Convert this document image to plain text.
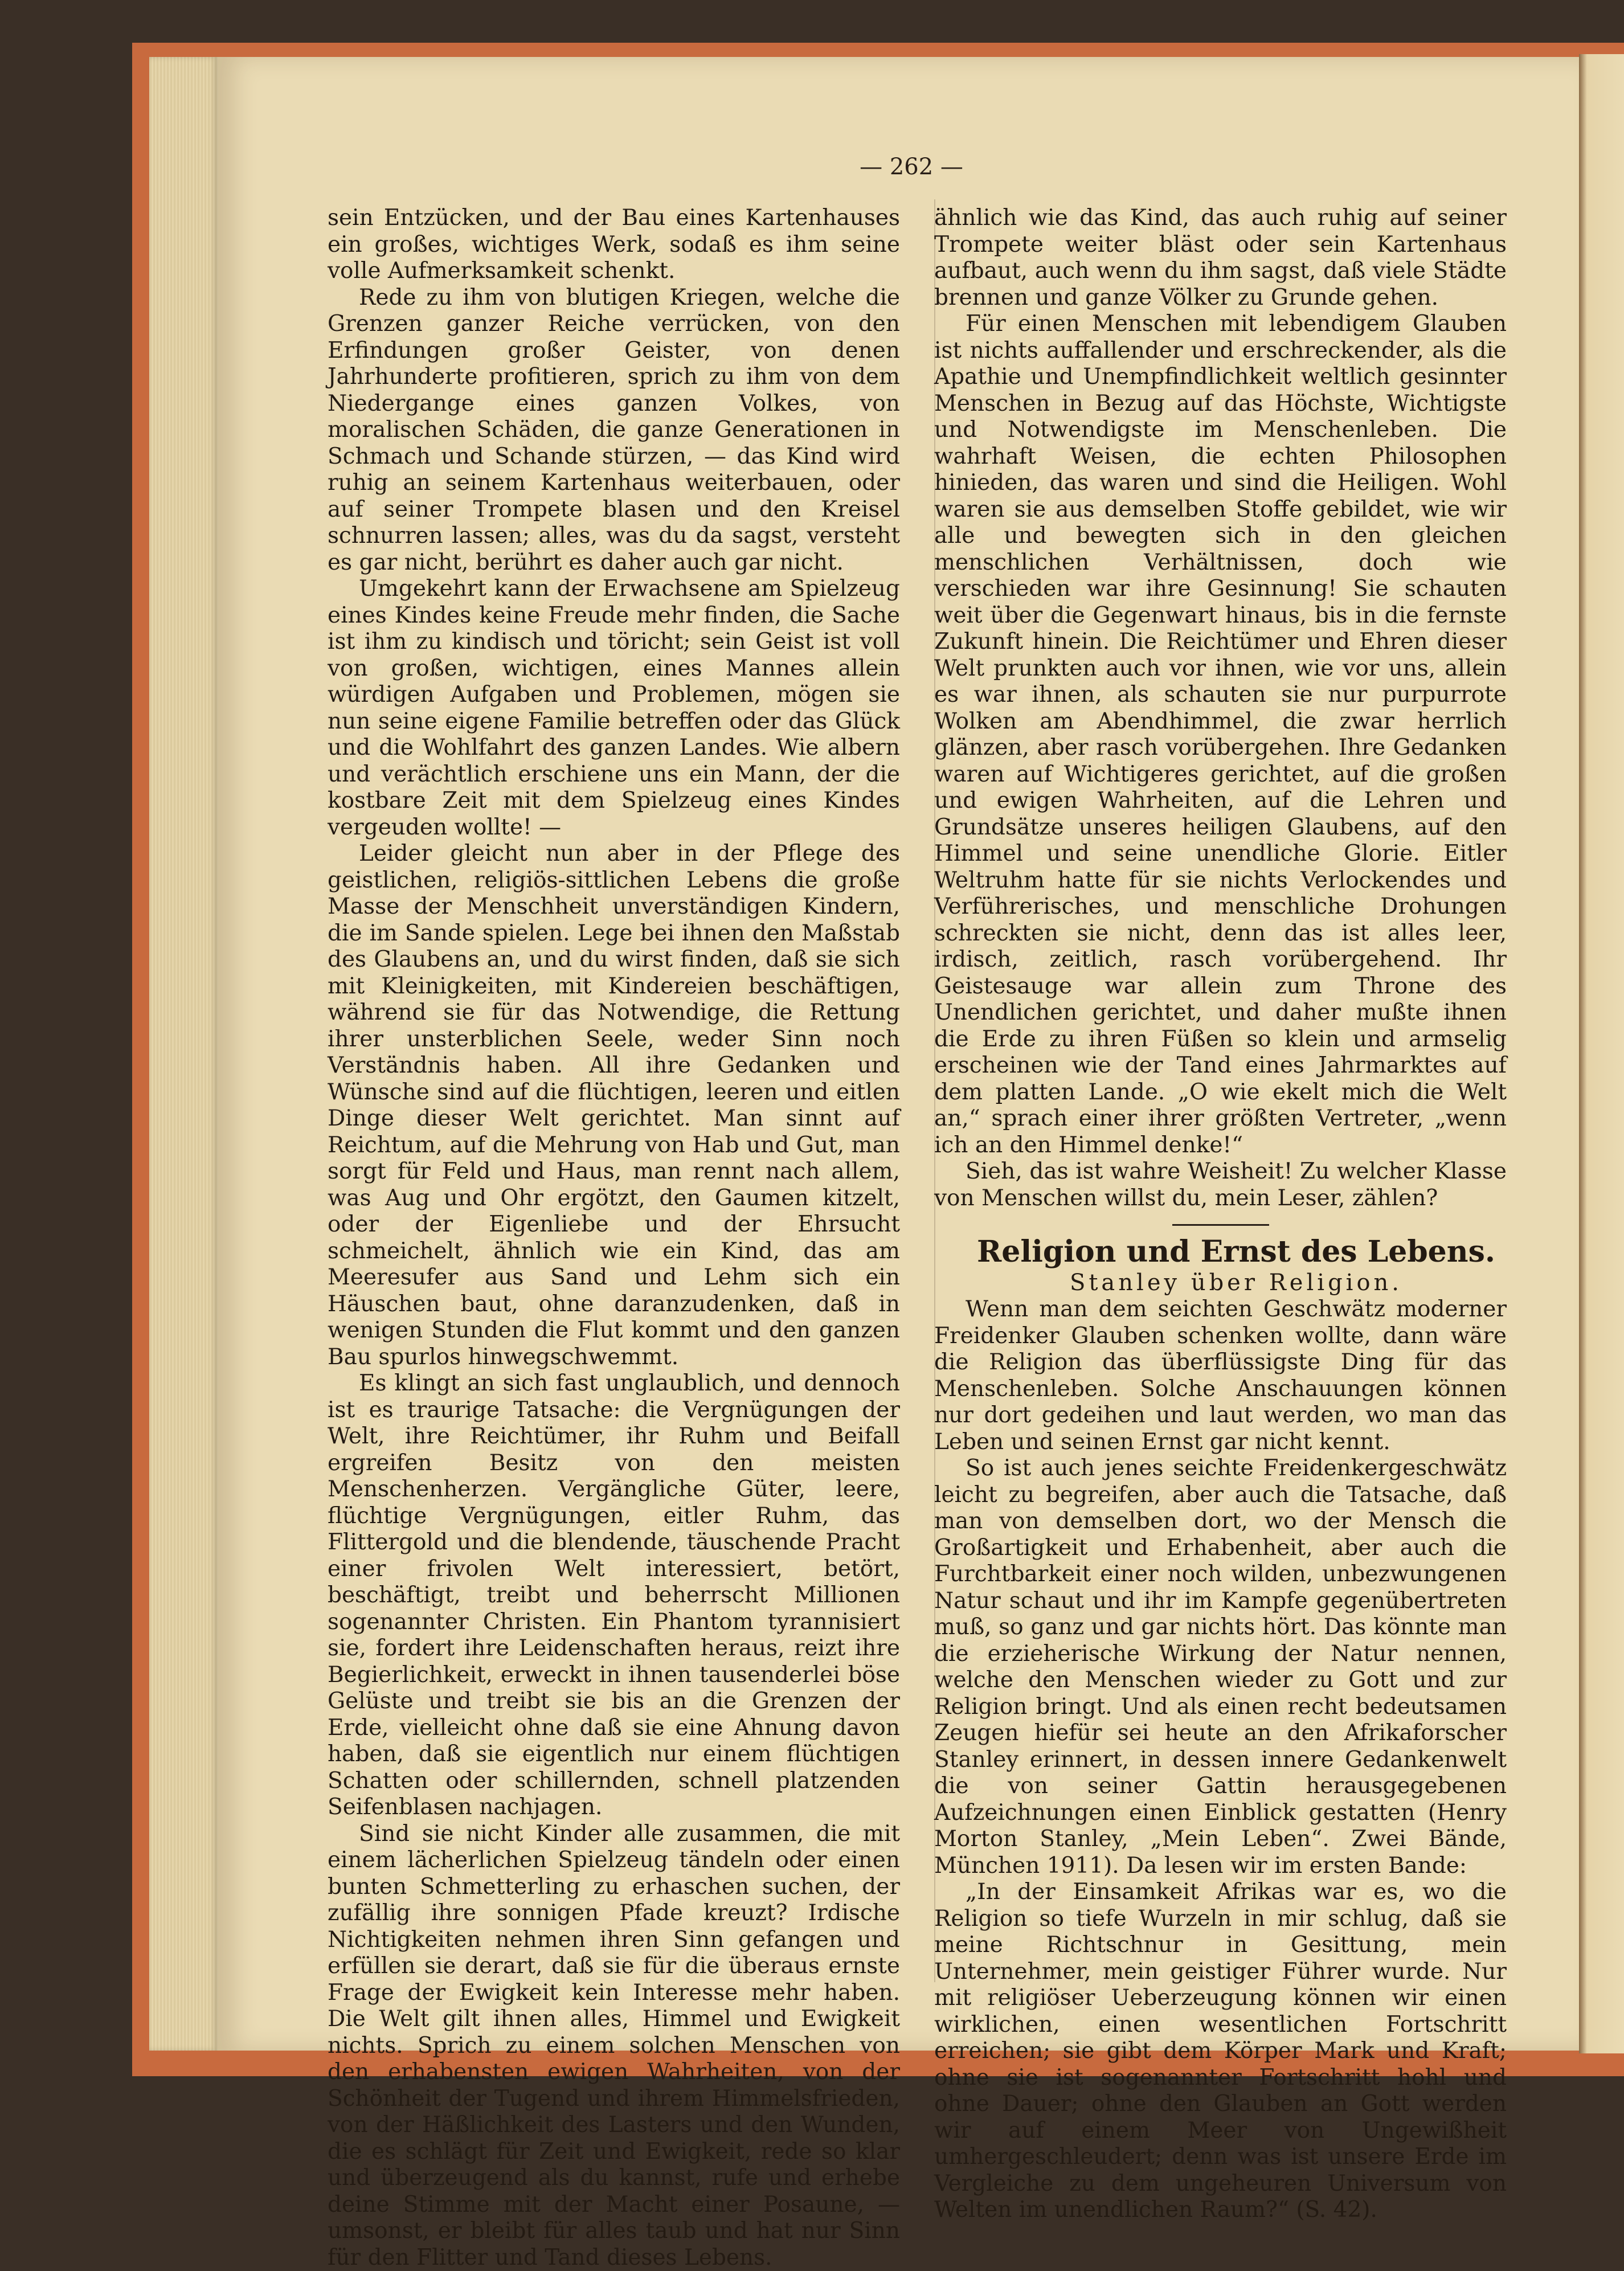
— 262 —

sein Entzücken, und der Bau eines Kartenhauses ein großes, wichtiges Werk, sodaß es ihm seine volle Aufmerksamkeit schenkt.

Rede zu ihm von blutigen Kriegen, welche die Grenzen ganzer Reiche verrücken, von den Erfindungen großer Geister, von denen Jahrhunderte profitieren, sprich zu ihm von dem Niedergange eines ganzen Volkes, von moralischen Schäden, die ganze Generationen in Schmach und Schande stürzen, — das Kind wird ruhig an seinem Kartenhaus weiterbauen, oder auf seiner Trompete blasen und den Kreisel schnurren lassen; alles, was du da sagst, versteht es gar nicht, berührt es daher auch gar nicht.

Umgekehrt kann der Erwachsene am Spielzeug eines Kindes keine Freude mehr finden, die Sache ist ihm zu kindisch und töricht; sein Geist ist voll von großen, wichtigen, eines Mannes allein würdigen Aufgaben und Problemen, mögen sie nun seine eigene Familie betreffen oder das Glück und die Wohlfahrt des ganzen Landes. Wie albern und verächtlich erschiene uns ein Mann, der die kostbare Zeit mit dem Spielzeug eines Kindes vergeuden wollte! —

Leider gleicht nun aber in der Pflege des geistlichen, religiös-sittlichen Lebens die große Masse der Menschheit unverständigen Kindern, die im Sande spielen. Lege bei ihnen den Maßstab des Glaubens an, und du wirst finden, daß sie sich mit Kleinigkeiten, mit Kindereien beschäftigen, während sie für das Notwendige, die Rettung ihrer unsterblichen Seele, weder Sinn noch Verständnis haben. All ihre Gedanken und Wünsche sind auf die flüchtigen, leeren und eitlen Dinge dieser Welt gerichtet. Man sinnt auf Reichtum, auf die Mehrung von Hab und Gut, man sorgt für Feld und Haus, man rennt nach allem, was Aug und Ohr ergötzt, den Gaumen kitzelt, oder der Eigenliebe und der Ehrsucht schmeichelt, ähnlich wie ein Kind, das am Meeresufer aus Sand und Lehm sich ein Häuschen baut, ohne daranzudenken, daß in wenigen Stunden die Flut kommt und den ganzen Bau spurlos hinwegschwemmt.

Es klingt an sich fast unglaublich, und dennoch ist es traurige Tatsache: die Vergnügungen der Welt, ihre Reichtümer, ihr Ruhm und Beifall ergreifen Besitz von den meisten Menschenherzen. Vergängliche Güter, leere, flüchtige Vergnügungen, eitler Ruhm, das Flittergold und die blendende, täuschende Pracht einer frivolen Welt interessiert, betört, beschäftigt, treibt und beherrscht Millionen sogenannter Christen. Ein Phantom tyrannisiert sie, fordert ihre Leidenschaften heraus, reizt ihre Begierlichkeit, erweckt in ihnen tausenderlei böse Gelüste und treibt sie bis an die Grenzen der Erde, vielleicht ohne daß sie eine Ahnung davon haben, daß sie eigentlich nur einem flüchtigen Schatten oder schillernden, schnell platzenden Seifenblasen nachjagen.

Sind sie nicht Kinder alle zusammen, die mit einem lächerlichen Spielzeug tändeln oder einen bunten Schmetterling zu erhaschen suchen, der zufällig ihre sonnigen Pfade kreuzt? Irdische Nichtigkeiten nehmen ihren Sinn gefangen und erfüllen sie derart, daß sie für die überaus ernste Frage der Ewigkeit kein Interesse mehr haben. Die Welt gilt ihnen alles, Himmel und Ewigkeit nichts. Sprich zu einem solchen Menschen von den erhabensten ewigen Wahrheiten, von der Schönheit der Tugend und ihrem Himmelsfrieden, von der Häßlichkeit des Lasters und den Wunden, die es schlägt für Zeit und Ewigkeit, rede so klar und überzeugend als du kannst, rufe und erhebe deine Stimme mit der Macht einer Posaune, — umsonst, er bleibt für alles taub und hat nur Sinn für den Flitter und Tand dieses Lebens.

ähnlich wie das Kind, das auch ruhig auf seiner Trompete weiter bläst oder sein Kartenhaus aufbaut, auch wenn du ihm sagst, daß viele Städte brennen und ganze Völker zu Grunde gehen.

Für einen Menschen mit lebendigem Glauben ist nichts auffallender und erschreckender, als die Apathie und Unempfindlichkeit weltlich gesinnter Menschen in Bezug auf das Höchste, Wichtigste und Notwendigste im Menschenleben. Die wahrhaft Weisen, die echten Philosophen hinieden, das waren und sind die Heiligen. Wohl waren sie aus demselben Stoffe gebildet, wie wir alle und bewegten sich in den gleichen menschlichen Verhältnissen, doch wie verschieden war ihre Gesinnung! Sie schauten weit über die Gegenwart hinaus, bis in die fernste Zukunft hinein. Die Reichtümer und Ehren dieser Welt prunkten auch vor ihnen, wie vor uns, allein es war ihnen, als schauten sie nur purpurrote Wolken am Abendhimmel, die zwar herrlich glänzen, aber rasch vorübergehen. Ihre Gedanken waren auf Wichtigeres gerichtet, auf die großen und ewigen Wahrheiten, auf die Lehren und Grundsätze unseres heiligen Glaubens, auf den Himmel und seine unendliche Glorie. Eitler Weltruhm hatte für sie nichts Verlockendes und Verführerisches, und menschliche Drohungen schreckten sie nicht, denn das ist alles leer, irdisch, zeitlich, rasch vorübergehend. Ihr Geistesauge war allein zum Throne des Unendlichen gerichtet, und daher mußte ihnen die Erde zu ihren Füßen so klein und armselig erscheinen wie der Tand eines Jahrmarktes auf dem platten Lande. „O wie ekelt mich die Welt an,“ sprach einer ihrer größten Vertreter, „wenn ich an den Himmel denke!“

Sieh, das ist wahre Weisheit! Zu welcher Klasse von Menschen willst du, mein Leser, zählen?

Religion und Ernst des Lebens.

Stanley über Religion.

Wenn man dem seichten Geschwätz moderner Freidenker Glauben schenken wollte, dann wäre die Religion das überflüssigste Ding für das Menschenleben. Solche Anschauungen können nur dort gedeihen und laut werden, wo man das Leben und seinen Ernst gar nicht kennt.

So ist auch jenes seichte Freidenkergeschwätz leicht zu begreifen, aber auch die Tatsache, daß man von demselben dort, wo der Mensch die Großartigkeit und Erhabenheit, aber auch die Furchtbarkeit einer noch wilden, unbezwungenen Natur schaut und ihr im Kampfe gegenübertreten muß, so ganz und gar nichts hört. Das könnte man die erzieherische Wirkung der Natur nennen, welche den Menschen wieder zu Gott und zur Religion bringt. Und als einen recht bedeutsamen Zeugen hiefür sei heute an den Afrikaforscher Stanley erinnert, in dessen innere Gedankenwelt die von seiner Gattin herausgegebenen Aufzeichnungen einen Einblick gestatten (Henry Morton Stanley, „Mein Leben“. Zwei Bände, München 1911). Da lesen wir im ersten Bande:

„In der Einsamkeit Afrikas war es, wo die Religion so tiefe Wurzeln in mir schlug, daß sie meine Richtschnur in Gesittung, mein Unternehmer, mein geistiger Führer wurde. Nur mit religiöser Ueberzeugung können wir einen wirklichen, einen wesentlichen Fortschritt erreichen; sie gibt dem Körper Mark und Kraft; ohne sie ist sogenannter Fortschritt hohl und ohne Dauer; ohne den Glauben an Gott werden wir auf einem Meer von Ungewißheit umhergeschleudert; denn was ist unsere Erde im Vergleiche zu dem ungeheuren Universum von Welten im unendlichen Raum?“ (S. 42).
